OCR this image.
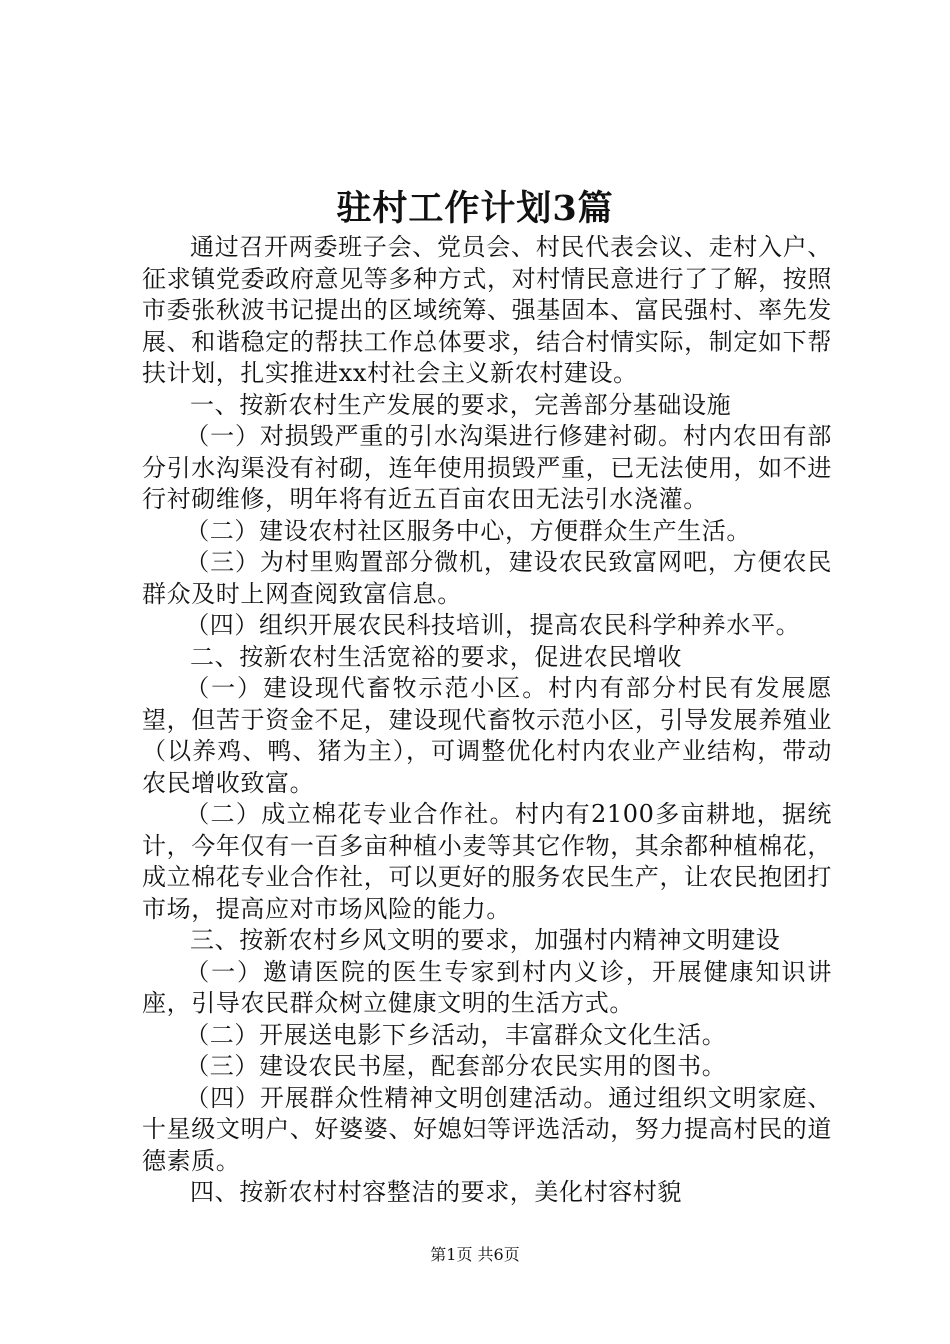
驻村工作计划3篇

通过召开两委班子会、党员会、村民代表会议、走村入户、征求镇党委政府意见等多种方式，对村情民意进行了了解，按照市委张秋波书记提出的区域统筹、强基固本、富民强村、率先发展、和谐稳定的帮扶工作总体要求，结合村情实际，制定如下帮扶计划，扎实推进xx村社会主义新农村建设。

一、按新农村生产发展的要求，完善部分基础设施

（一）对损毁严重的引水沟渠进行修建衬砌。村内农田有部分引水沟渠没有衬砌，连年使用损毁严重，已无法使用，如不进行衬砌维修，明年将有近五百亩农田无法引水浇灌。

（二）建设农村社区服务中心，方便群众生产生活。

（三）为村里购置部分微机，建设农民致富网吧，方便农民群众及时上网查阅致富信息。

（四）组织开展农民科技培训，提高农民科学种养水平。

二、按新农村生活宽裕的要求，促进农民增收

（一）建设现代畜牧示范小区。村内有部分村民有发展愿望，但苦于资金不足，建设现代畜牧示范小区，引导发展养殖业（以养鸡、鸭、猪为主），可调整优化村内农业产业结构，带动农民增收致富。

（二）成立棉花专业合作社。村内有2100多亩耕地，据统计，今年仅有一百多亩种植小麦等其它作物，其余都种植棉花，成立棉花专业合作社，可以更好的服务农民生产，让农民抱团打市场，提高应对市场风险的能力。

三、按新农村乡风文明的要求，加强村内精神文明建设

（一）邀请医院的医生专家到村内义诊，开展健康知识讲座，引导农民群众树立健康文明的生活方式。

（二）开展送电影下乡活动，丰富群众文化生活。

（三）建设农民书屋，配套部分农民实用的图书。

（四）开展群众性精神文明创建活动。通过组织文明家庭、十星级文明户、好婆婆、好媳妇等评选活动，努力提高村民的道德素质。

四、按新农村村容整洁的要求，美化村容村貌

第1页 共6页
